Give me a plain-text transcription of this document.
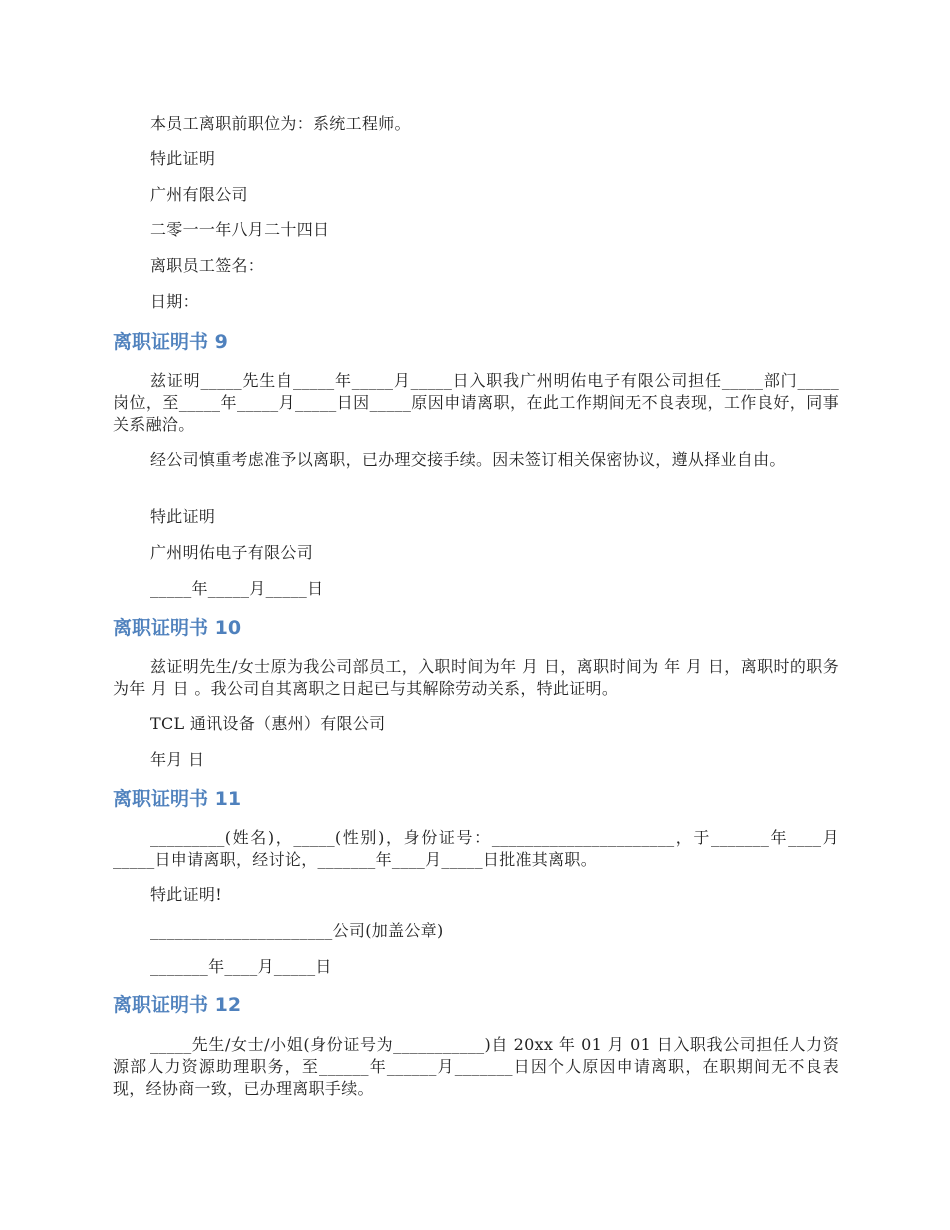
本员工离职前职位为：系统工程师。

特此证明

广州有限公司

二零一一年八月二十四日

离职员工签名：

日期：

离职证明书 9

兹证明_____先生自_____年_____月_____日入职我广州明佑电子有限公司担任_____部门_____岗位，至_____年_____月_____日因_____原因申请离职，在此工作期间无不良表现，工作良好，同事关系融洽。

经公司慎重考虑准予以离职，已办理交接手续。因未签订相关保密协议，遵从择业自由。

特此证明

广州明佑电子有限公司

_____年_____月_____日

离职证明书 10

兹证明先生/女士原为我公司部员工，入职时间为年 月 日，离职时间为 年 月 日，离职时的职务为年 月 日 。我公司自其离职之日起已与其解除劳动关系，特此证明。

TCL 通讯设备（惠州）有限公司

年月 日

离职证明书 11

_________(姓名)，_____(性别)，身份证号：______________________，于_______年____月_____日申请离职，经讨论，_______年____月_____日批准其离职。

特此证明!

______________________公司(加盖公章)

_______年____月_____日

离职证明书 12

_____先生/女士/小姐(身份证号为___________)自 20xx 年 01 月 01 日入职我公司担任人力资源部人力资源助理职务，至______年______月_______日因个人原因申请离职，在职期间无不良表现，经协商一致，已办理离职手续。
